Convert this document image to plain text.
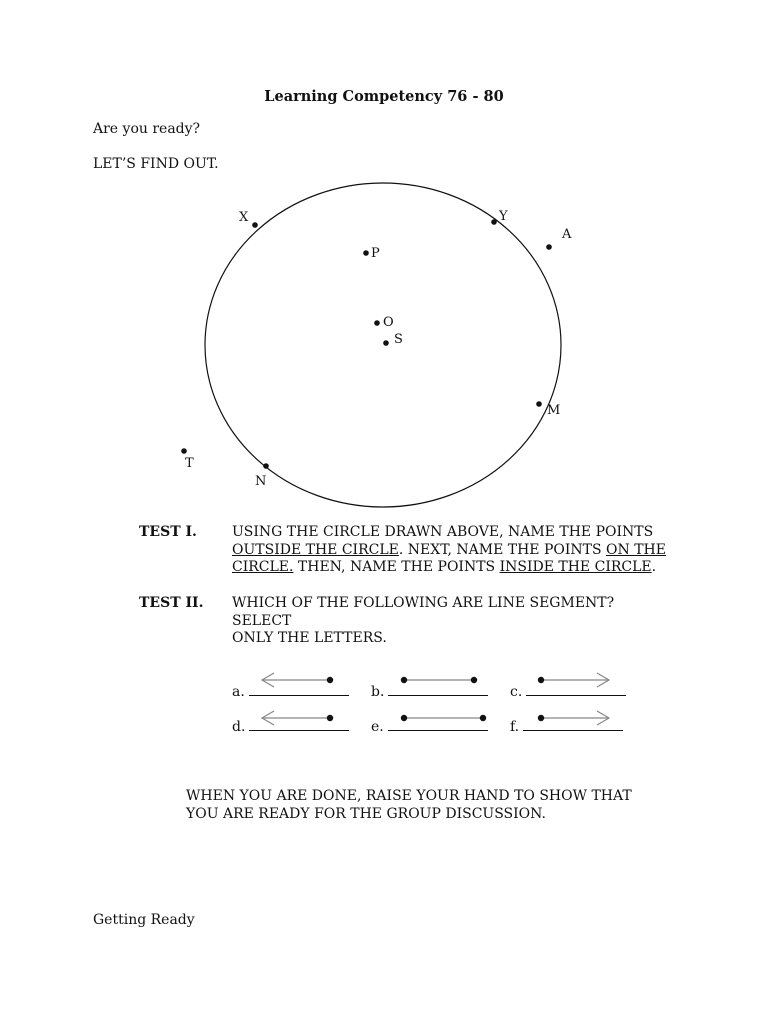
Learning Competency 76 - 80
Are you ready?
LET’S FIND OUT.
X	Y
A
P
O
S
M
T
N
TEST I.	USING THE CIRCLE DRAWN ABOVE, NAME THE POINTS
OUTSIDE THE CIRCLE. NEXT, NAME THE POINTS ON THE
CIRCLE. THEN, NAME THE POINTS INSIDE THE CIRCLE.
TEST II. WHICH OF THE FOLLOWING ARE LINE SEGMENT?
SELECT
ONLY THE LETTERS.
a.	b.	c.
d.	e.	f.
WHEN YOU ARE DONE, RAISE YOUR HAND TO SHOW THAT
YOU ARE READY FOR THE GROUP DISCUSSION.
Getting Ready
